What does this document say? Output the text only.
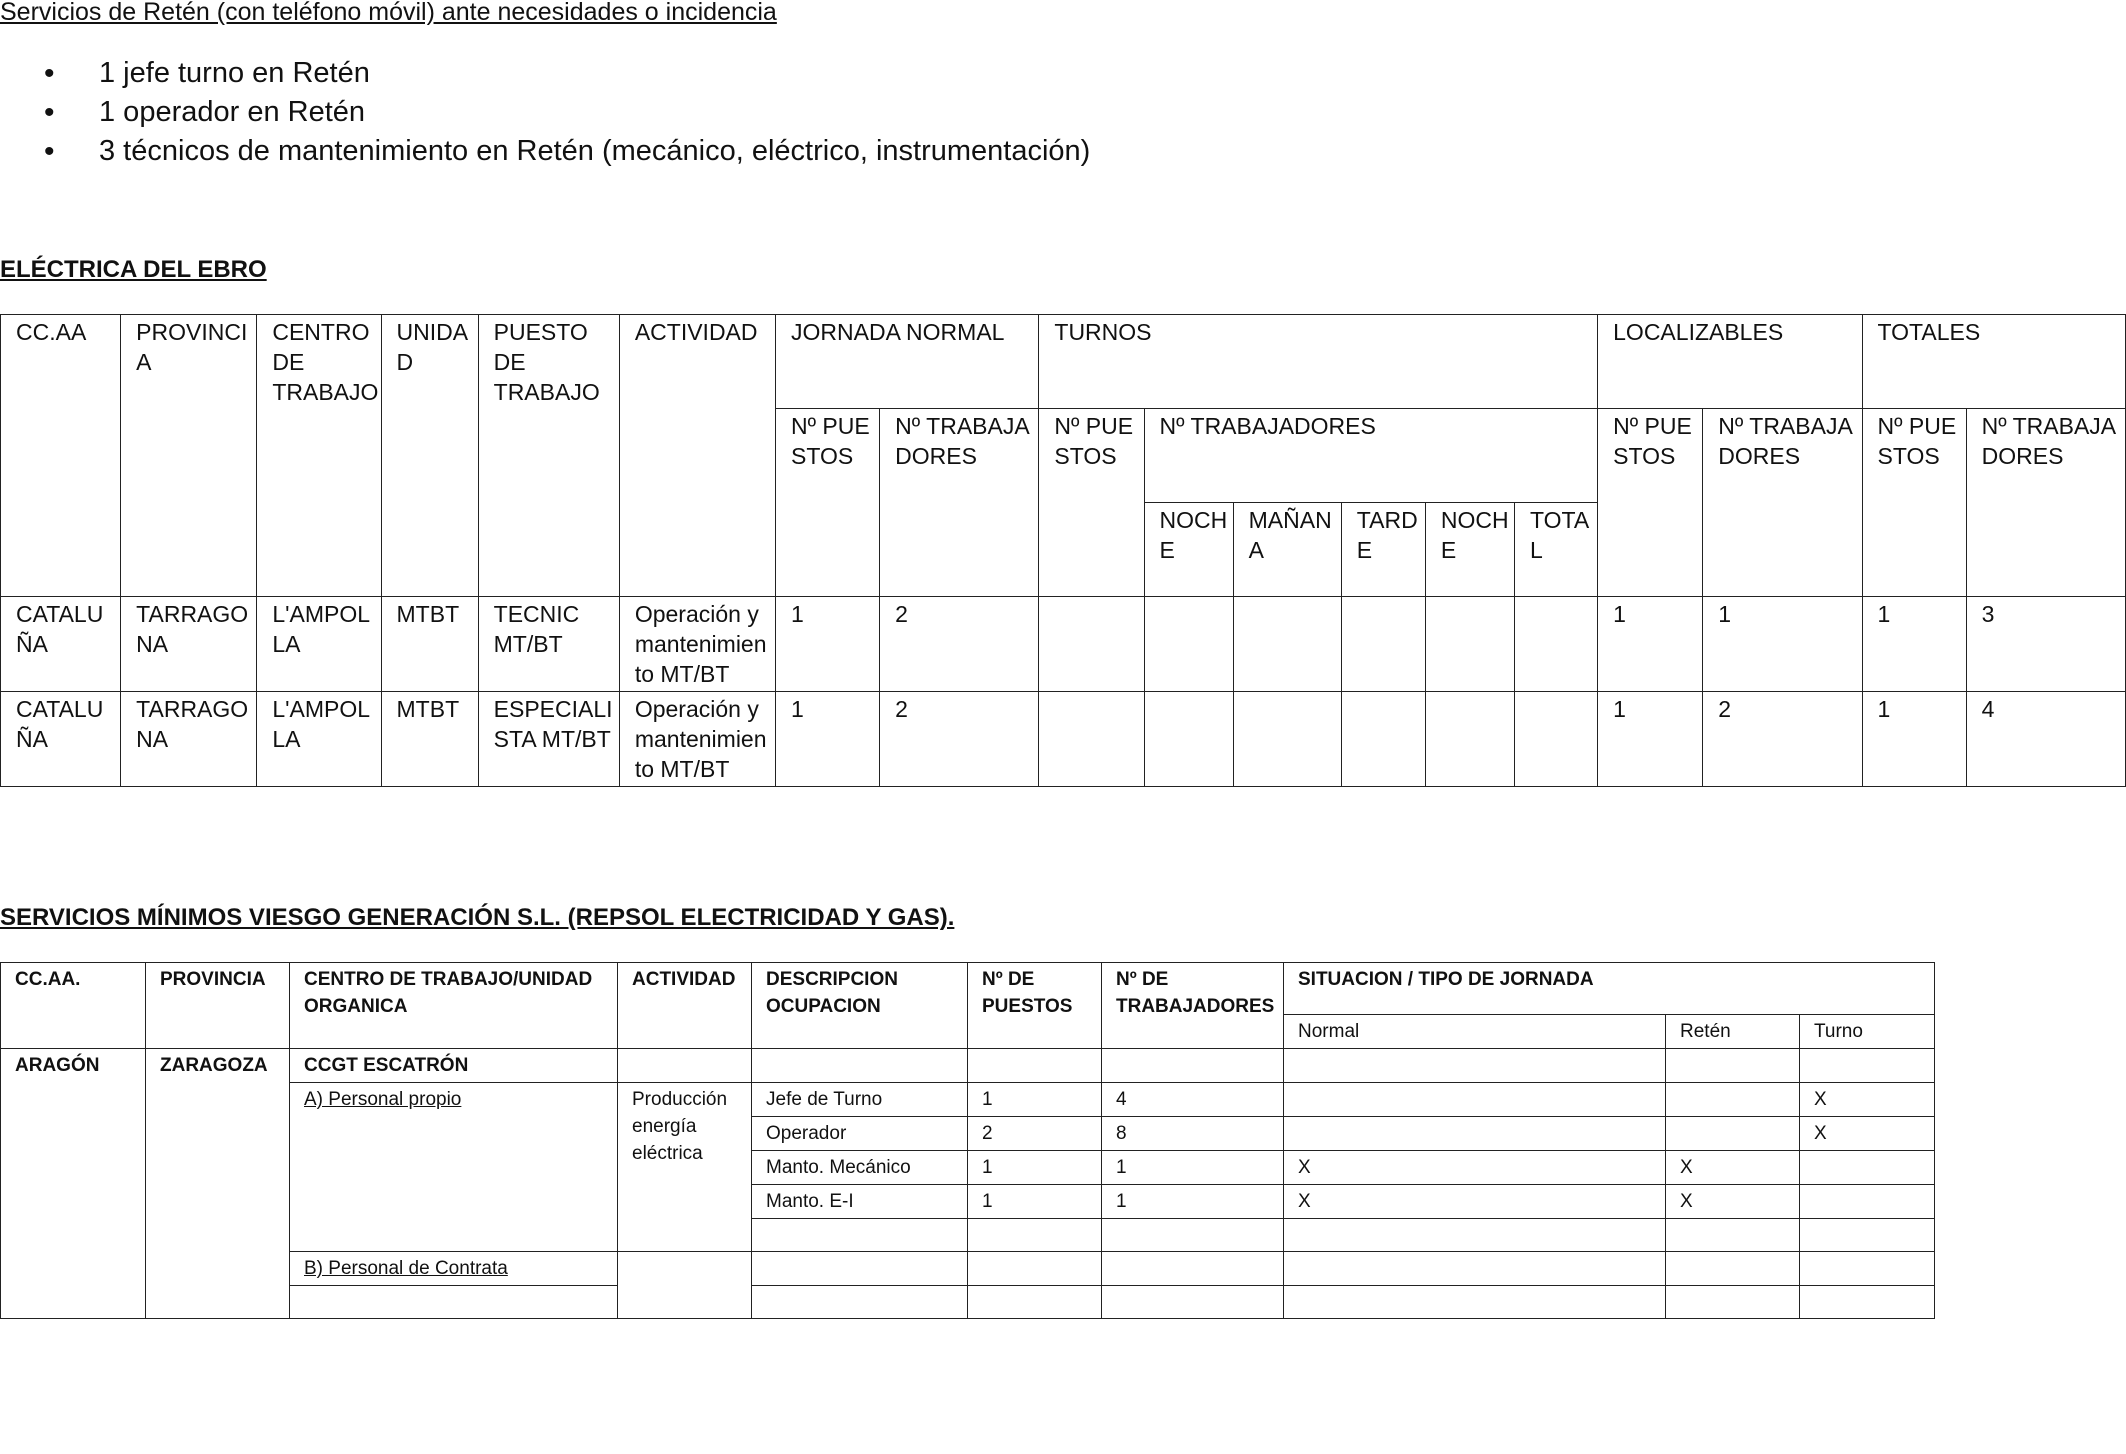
Servicios de Retén (con teléfono móvil) ante necesidades o incidencia
• 1 jefe turno en Retén
• 1 operador en Retén
• 3 técnicos de mantenimiento en Retén (mecánico, eléctrico, instrumentación)
ELÉCTRICA DEL EBRO
CC.AA	PROVINCIA	CENTRO DE TRABAJO	UNIDAD	PUESTO DE TRABAJO	ACTIVIDAD	JORNADA NORMAL		TURNOS						LOCALIZABLES		TOTALES	
						Nº PUESTOS	Nº TRABAJADORES	Nº PUESTOS	Nº TRABAJADORES					Nº PUESTOS	Nº TRABAJADORES	Nº PUESTOS	Nº TRABAJADORES
									NOCHE	MAÑANA	TARDE	NOCHE	TOTAL				
CATALUÑA	TARRAGONA	L'AMPOLLA	MTBT	TECNIC MT/BT	Operación y mantenimiento MT/BT	1	2							1	1	1	3
CATALUÑA	TARRAGONA	L'AMPOLLA	MTBT	ESPECIALISTA MT/BT	Operación y mantenimiento MT/BT	1	2							1	2	1	4
SERVICIOS MÍNIMOS VIESGO GENERACIÓN S.L. (REPSOL ELECTRICIDAD Y GAS).
CC.AA.	PROVINCIA	CENTRO DE TRABAJO/UNIDAD ORGANICA	ACTIVIDAD	DESCRIPCION OCUPACION	Nº DE PUESTOS	Nº DE TRABAJADORES	SITUACION / TIPO DE JORNADA		
							Normal	Retén	Turno
ARAGÓN	ZARAGOZA	CCGT ESCATRÓN							
		A) Personal propio	Producción energía eléctrica	Jefe de Turno	1	4			X
				Operador	2	8			X
				Manto. Mecánico	1	1	X	X	
				Manto. E-I	1	1	X	X	

		B) Personal de Contrata							
